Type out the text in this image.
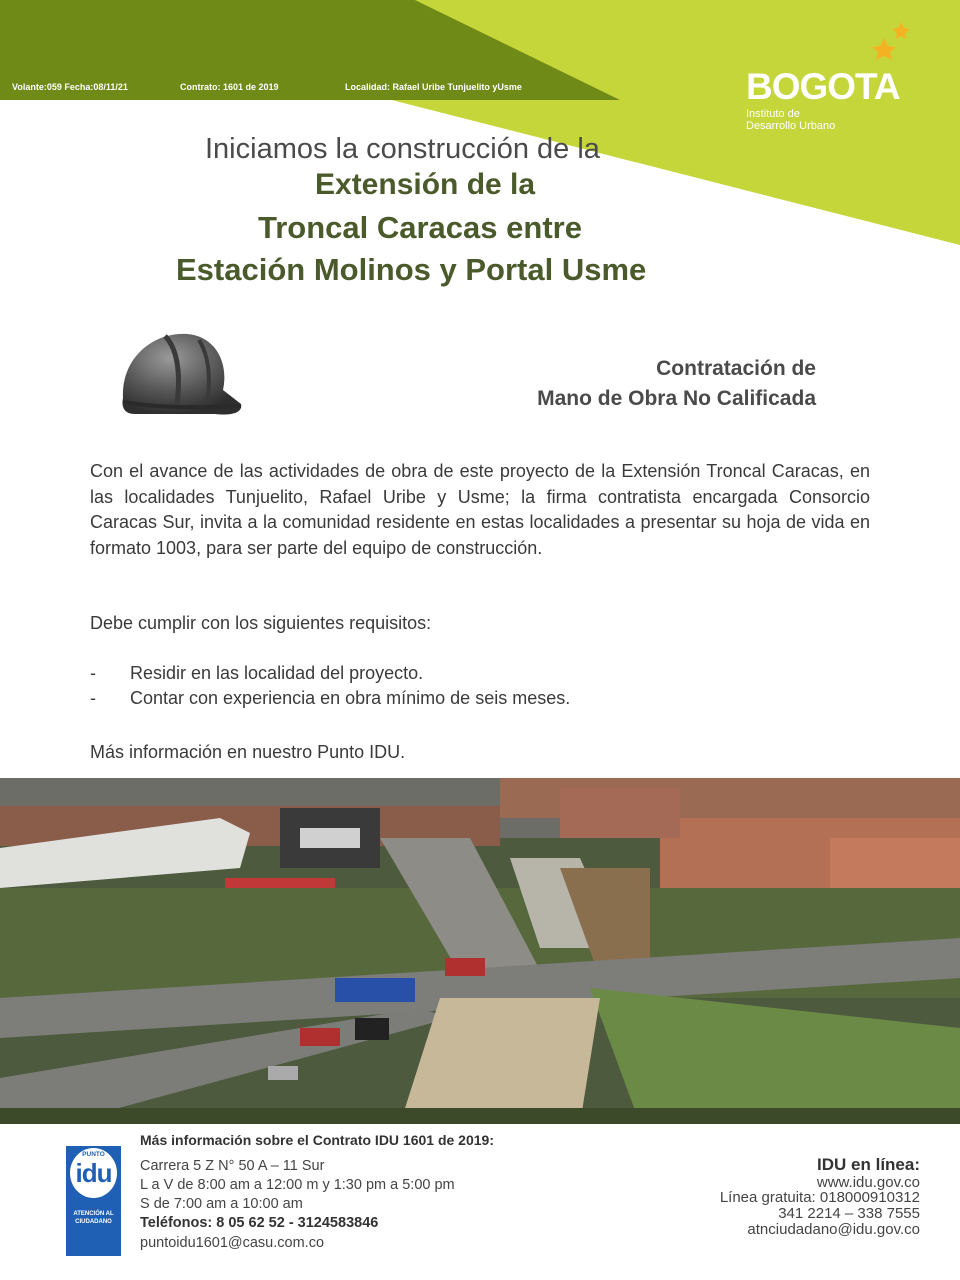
Volante:059 Fecha:08/11/21	Contrato: 1601 de 2019	Localidad: Rafael Uribe Tunjuelito yUsme	BOGOTA
Instituto de
Desarrollo Urbano
Iniciamos la construcción de la
Extensión de la
Troncal Caracas entre
Estación Molinos y Portal Usme
Contratación de
Mano de Obra No Calificada
Con el avance de las actividades de obra de este proyecto de la Extensión Troncal Caracas, en las localidades Tunjuelito, Rafael Uribe y Usme; la firma contratista encargada Consorcio Caracas Sur, invita a la comunidad residente en estas localidades a presentar su hoja de vida en formato 1003, para ser parte del equipo de construcción.
Debe cumplir con los siguientes requisitos:
- Residir en las localidad del proyecto.
- Contar con experiencia en obra mínimo de seis meses.
Más información en nuestro Punto IDU.
Más información sobre el Contrato IDU 1601 de 2019:
PUNTO
idu
ATENCIÓN AL
CIUDADANO
Carrera 5 Z N° 50 A – 11 Sur
L a V de 8:00 am a 12:00 m y 1:30 pm a 5:00 pm
S de 7:00 am a 10:00 am
Teléfonos: 8 05 62 52 - 3124583846
puntoidu1601@casu.com.co
IDU en línea:
www.idu.gov.co
Línea gratuita: 018000910312
341 2214 – 338 7555
atnciudadano@idu.gov.co
